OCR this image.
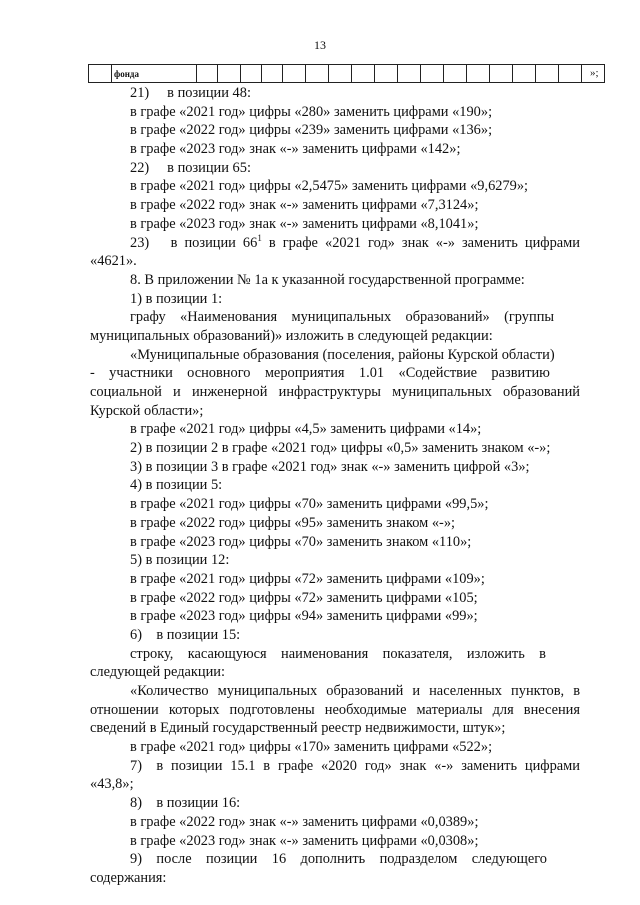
13
	фонда																			»;
21)  в позиции 48:
в графе «2021 год» цифры «280» заменить цифрами «190»;
в графе «2022 год» цифры «239» заменить цифрами «136»;
в графе «2023 год» знак «-» заменить цифрами «142»;
22)  в позиции 65:
в графе «2021 год» цифры «2,5475» заменить цифрами «9,6279»;
в графе «2022 год» знак «-» заменить цифрами «7,3124»;
в графе «2023 год» знак «-» заменить цифрами «8,1041»;
23)  в позиции $66^1$ в графе «2021 год» знак «-» заменить цифрами
«4621».
8. В приложении № 1а к указанной государственной программе:
1) в позиции 1:
графу «Наименования муниципальных образований» (группы
муниципальных образований)» изложить в следующей редакции:
«Муниципальные образования (поселения, районы Курской области)
- участники основного мероприятия 1.01 «Содействие развитию
социальной и инженерной инфраструктуры муниципальных образований
Курской области»;
в графе «2021 год» цифры «4,5» заменить цифрами «14»;
2) в позиции 2 в графе «2021 год» цифры «0,5» заменить знаком «-»;
3) в позиции 3 в графе «2021 год» знак «-» заменить цифрой «3»;
4) в позиции 5:
в графе «2021 год» цифры «70» заменить цифрами «99,5»;
в графе «2022 год» цифры «95» заменить знаком «-»;
в графе «2023 год» цифры «70» заменить знаком «110»;
5) в позиции 12:
в графе «2021 год» цифры «72» заменить цифрами «109»;
в графе «2022 год» цифры «72» заменить цифрами «105;
в графе «2023 год» цифры «94» заменить цифрами «99»;
6) в позиции 15:
строку, касающуюся наименования показателя, изложить в
следующей редакции:
«Количество муниципальных образований и населенных пунктов, в
отношении которых подготовлены необходимые материалы для внесения
сведений в Единый государственный реестр недвижимости, штук»;
в графе «2021 год» цифры «170» заменить цифрами «522»;
7) в позиции 15.1 в графе «2020 год» знак «-» заменить цифрами
«43,8»;
8) в позиции 16:
в графе «2022 год» знак «-» заменить цифрами «0,0389»;
в графе «2023 год» знак «-» заменить цифрами «0,0308»;
9) после позиции 16 дополнить подразделом следующего
содержания:
